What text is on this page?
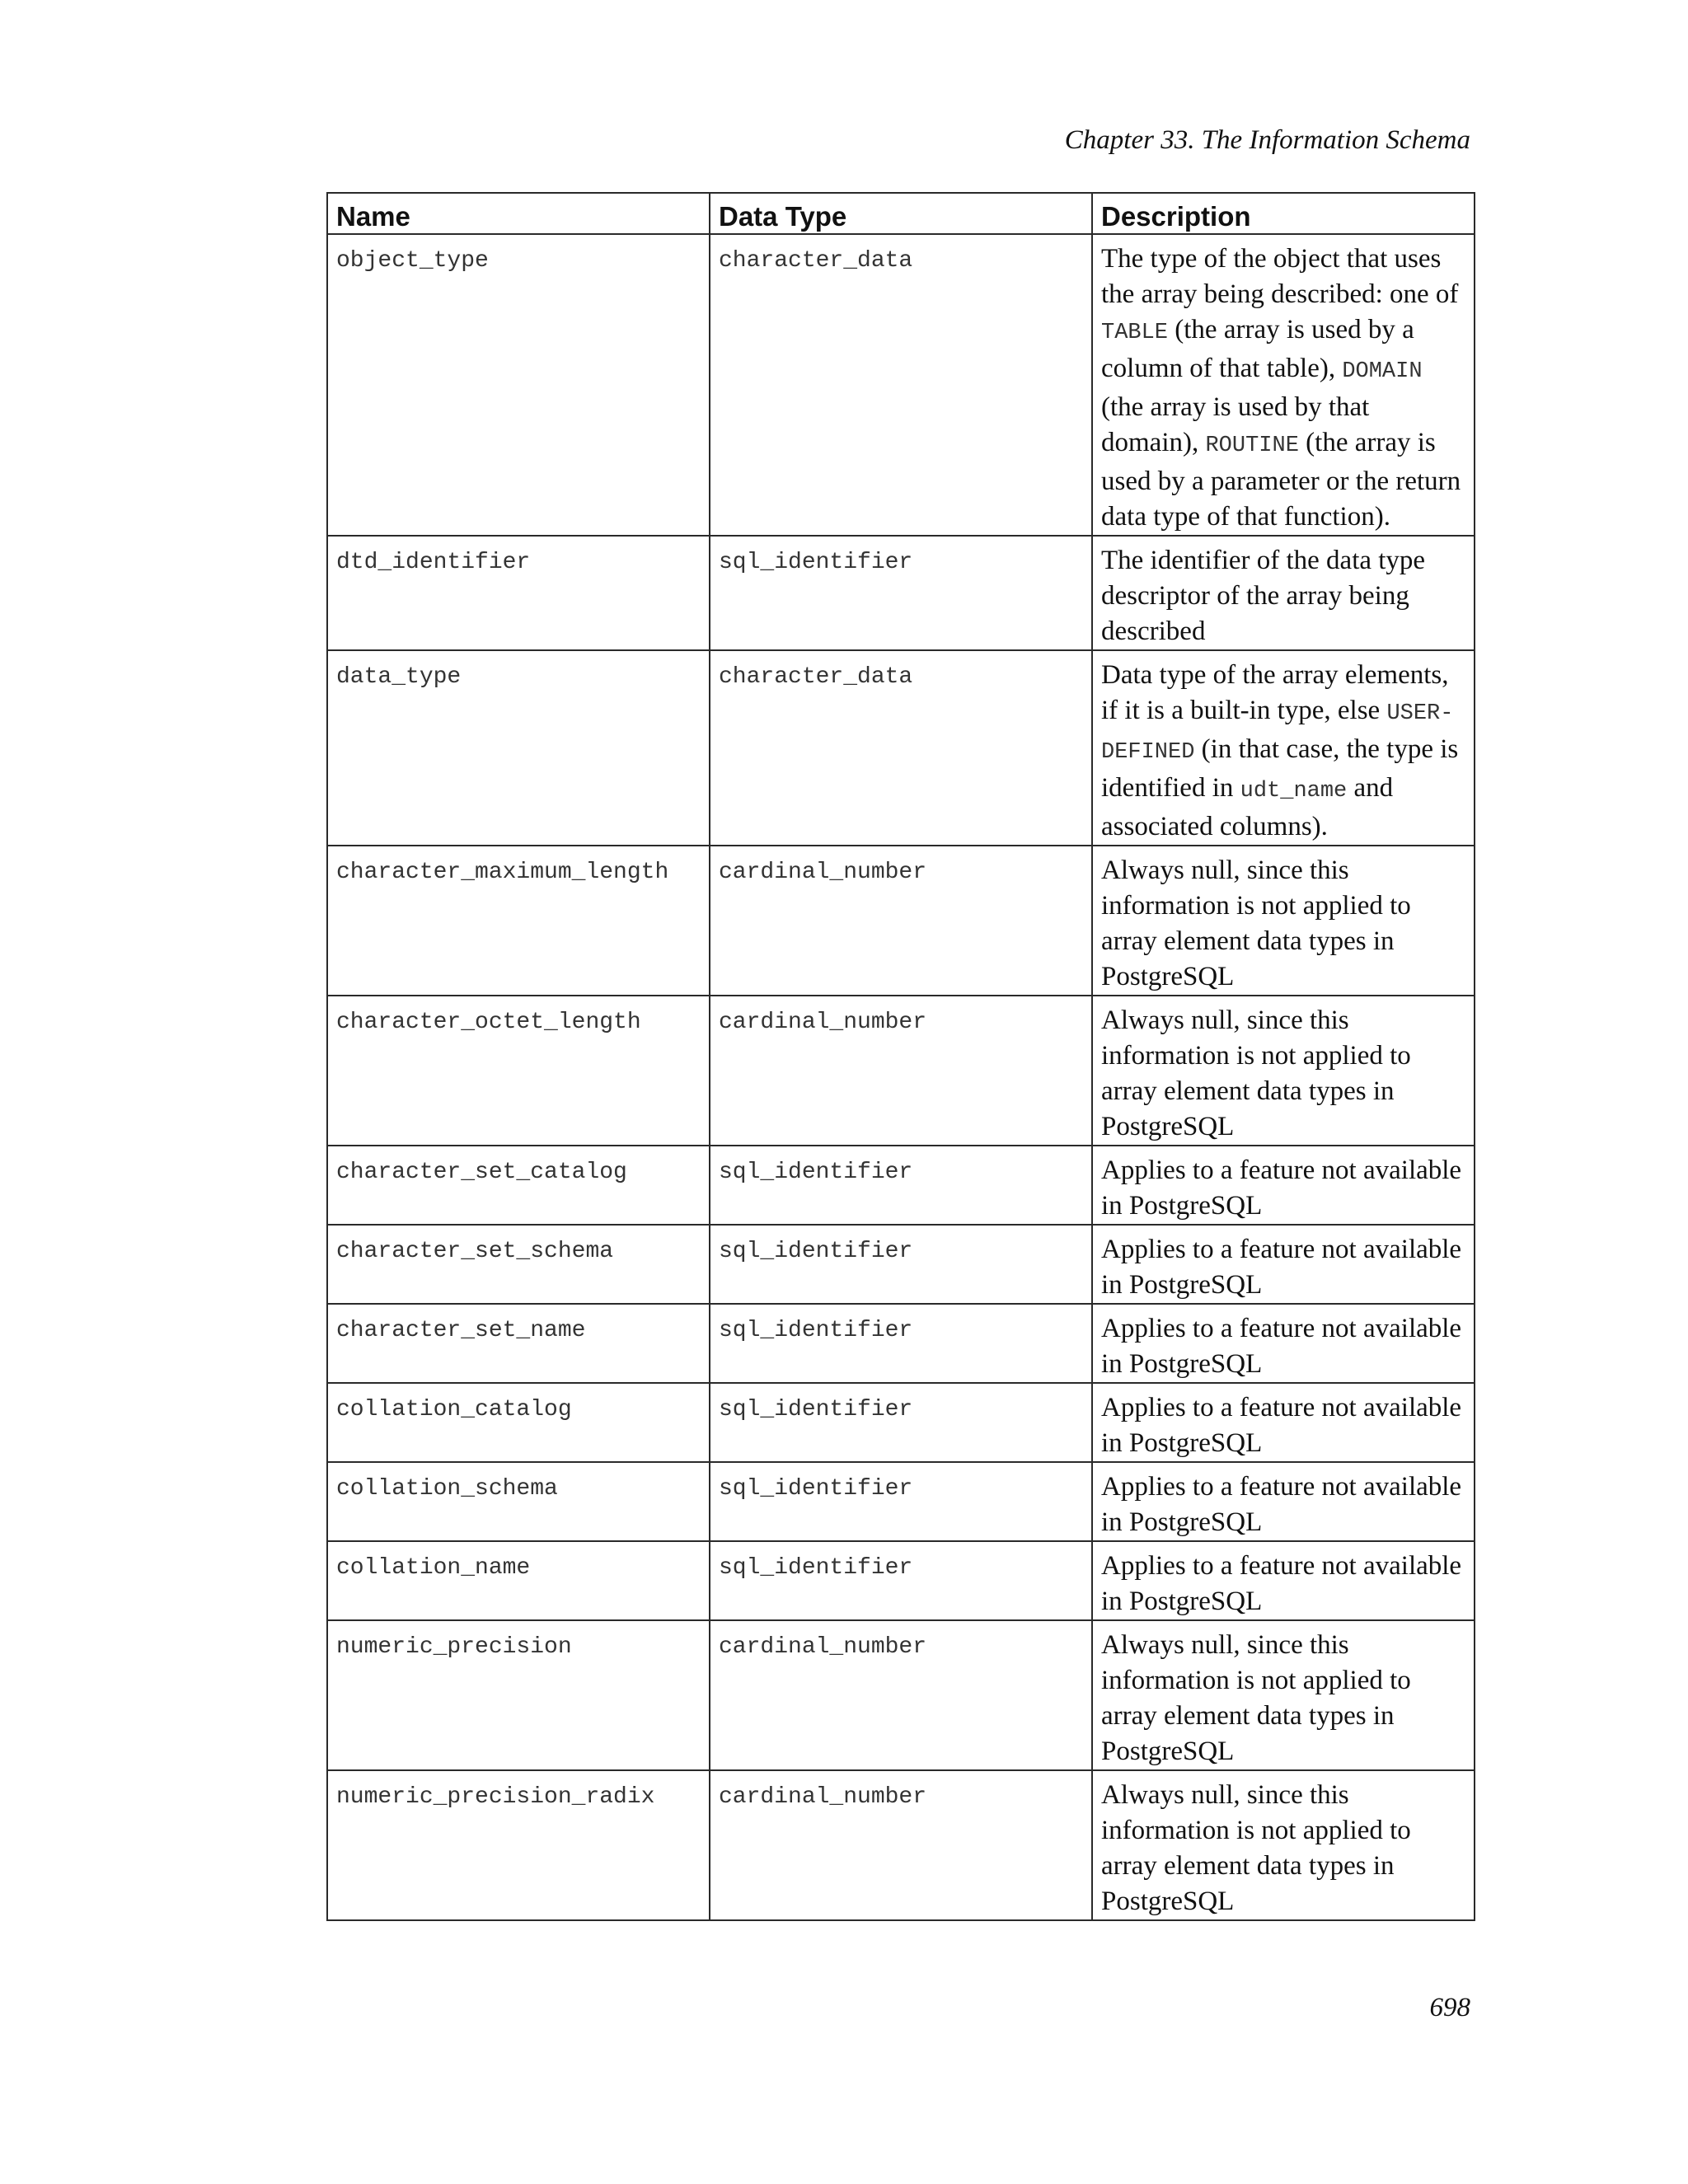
Chapter 33. The Information Schema
Name	Data Type	Description
object_type	character_data	The type of the object that uses the array being described: one of TABLE (the array is used by a column of that table), DOMAIN (the array is used by that domain), ROUTINE (the array is used by a parameter or the return data type of that function).
dtd_identifier	sql_identifier	The identifier of the data type descriptor of the array being described
data_type	character_data	Data type of the array elements, if it is a built-in type, else USER-DEFINED (in that case, the type is identified in udt_name and associated columns).
character_maximum_length	cardinal_number	Always null, since this information is not applied to array element data types in PostgreSQL
character_octet_length	cardinal_number	Always null, since this information is not applied to array element data types in PostgreSQL
character_set_catalog	sql_identifier	Applies to a feature not available in PostgreSQL
character_set_schema	sql_identifier	Applies to a feature not available in PostgreSQL
character_set_name	sql_identifier	Applies to a feature not available in PostgreSQL
collation_catalog	sql_identifier	Applies to a feature not available in PostgreSQL
collation_schema	sql_identifier	Applies to a feature not available in PostgreSQL
collation_name	sql_identifier	Applies to a feature not available in PostgreSQL
numeric_precision	cardinal_number	Always null, since this information is not applied to array element data types in PostgreSQL
numeric_precision_radix	cardinal_number	Always null, since this information is not applied to array element data types in PostgreSQL
698
